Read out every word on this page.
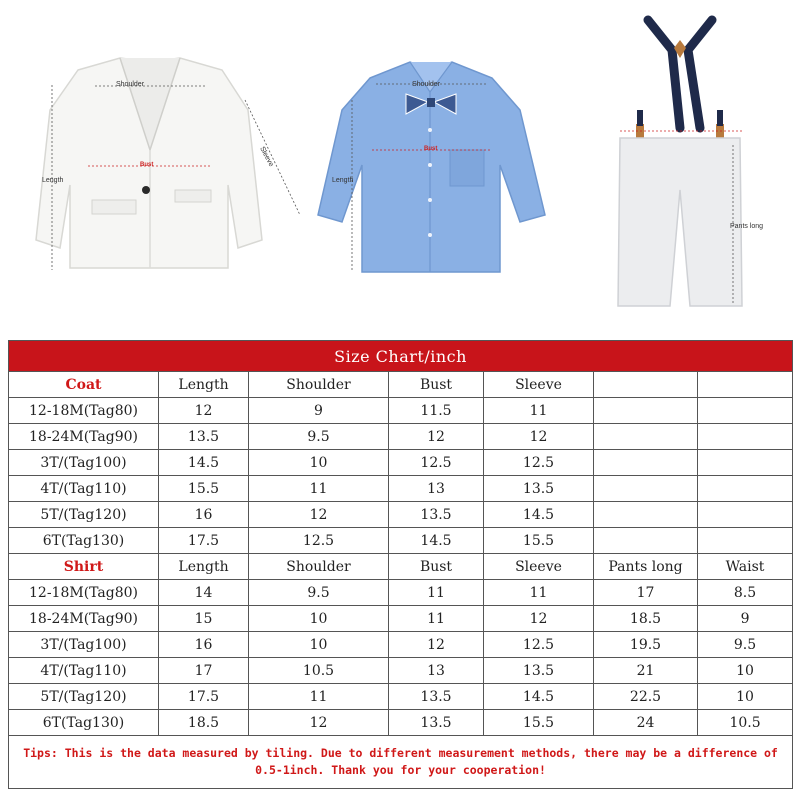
Shoulder
Length
Bust	Sleeve
Shoulder
Length
Bust
Pants long
Size Chart/inch						
Coat	Length	Shoulder	Bust	Sleeve		
12-18M(Tag80)	12	9	11.5	11		
18-24M(Tag90)	13.5	9.5	12	12		
3T/(Tag100)	14.5	10	12.5	12.5		
4T/(Tag110)	15.5	11	13	13.5		
5T/(Tag120)	16	12	13.5	14.5		
6T(Tag130)	17.5	12.5	14.5	15.5		
Shirt	Length	Shoulder	Bust	Sleeve	Pants long	Waist
12-18M(Tag80)	14	9.5	11	11	17	8.5
18-24M(Tag90)	15	10	11	12	18.5	9
3T/(Tag100)	16	10	12	12.5	19.5	9.5
4T/(Tag110)	17	10.5	13	13.5	21	10
5T/(Tag120)	17.5	11	13.5	14.5	22.5	10
6T(Tag130)	18.5	12	13.5	15.5	24	10.5
Tips: This is the data measured by tiling. Due to different measurement methods, there may be a difference of 0.5-1inch. Thank you for your cooperation!						
